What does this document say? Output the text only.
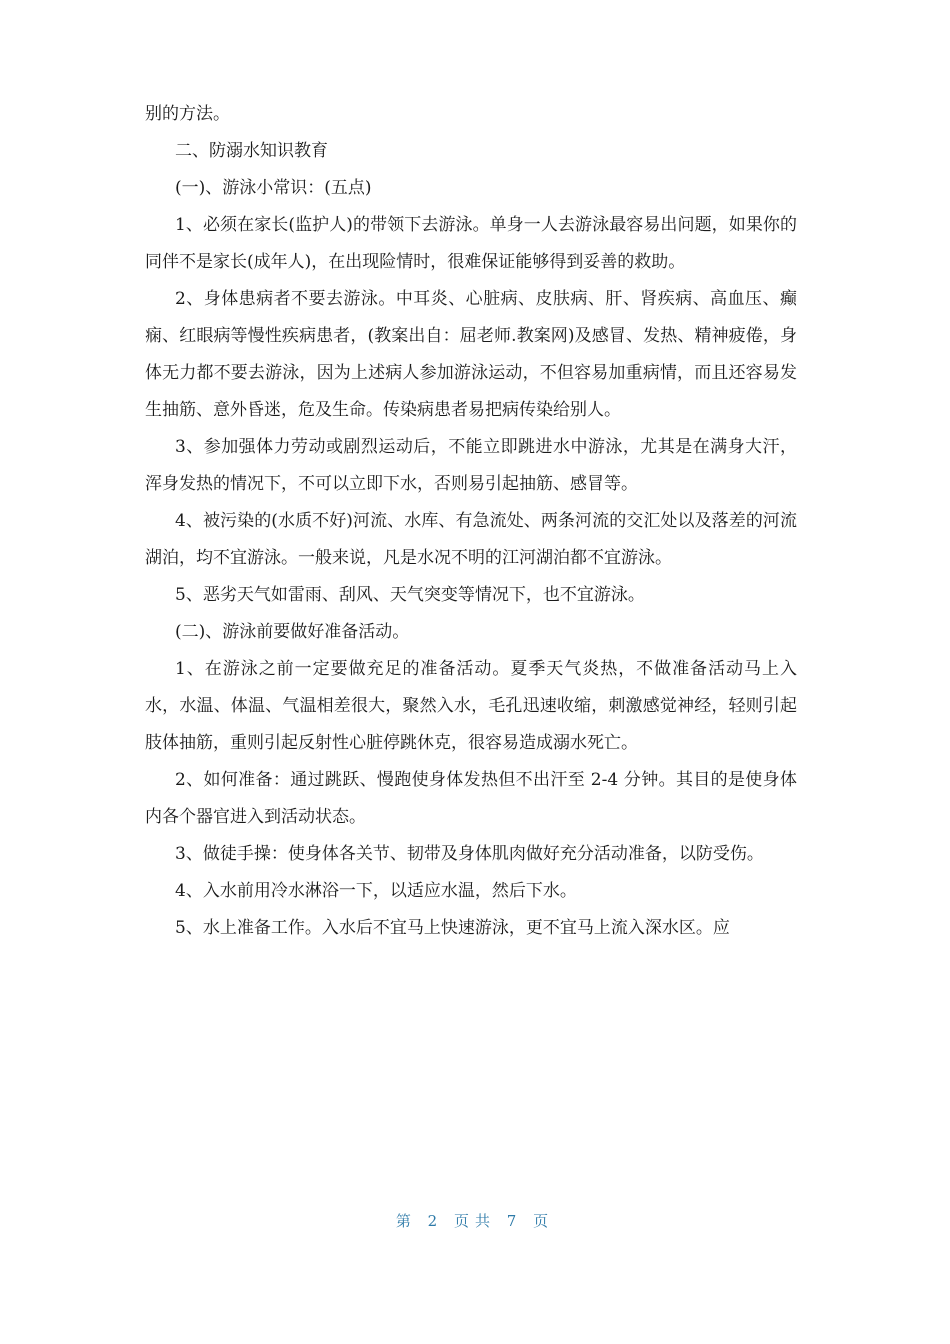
别的方法。

二、防溺水知识教育

(一)、游泳小常识：(五点)

1、必须在家长(监护人)的带领下去游泳。单身一人去游泳最容易出问题，如果你的同伴不是家长(成年人)，在出现险情时，很难保证能够得到妥善的救助。

2、身体患病者不要去游泳。中耳炎、心脏病、皮肤病、肝、肾疾病、高血压、癫痫、红眼病等慢性疾病患者，(教案出自：屈老师.教案网)及感冒、发热、精神疲倦，身体无力都不要去游泳，因为上述病人参加游泳运动，不但容易加重病情，而且还容易发生抽筋、意外昏迷，危及生命。传染病患者易把病传染给别人。

3、参加强体力劳动或剧烈运动后，不能立即跳进水中游泳，尤其是在满身大汗，浑身发热的情况下，不可以立即下水，否则易引起抽筋、感冒等。

4、被污染的(水质不好)河流、水库、有急流处、两条河流的交汇处以及落差的河流湖泊，均不宜游泳。一般来说，凡是水况不明的江河湖泊都不宜游泳。

5、恶劣天气如雷雨、刮风、天气突变等情况下，也不宜游泳。

(二)、游泳前要做好准备活动。

1、在游泳之前一定要做充足的准备活动。夏季天气炎热，不做准备活动马上入水，水温、体温、气温相差很大，聚然入水，毛孔迅速收缩，刺激感觉神经，轻则引起肢体抽筋，重则引起反射性心脏停跳休克，很容易造成溺水死亡。

2、如何准备：通过跳跃、慢跑使身体发热但不出汗至 2-4 分钟。其目的是使身体内各个器官进入到活动状态。

3、做徒手操：使身体各关节、韧带及身体肌肉做好充分活动准备，以防受伤。

4、入水前用冷水淋浴一下，以适应水温，然后下水。

5、水上准备工作。入水后不宜马上快速游泳，更不宜马上流入深水区。应

第 2 页共 7 页
